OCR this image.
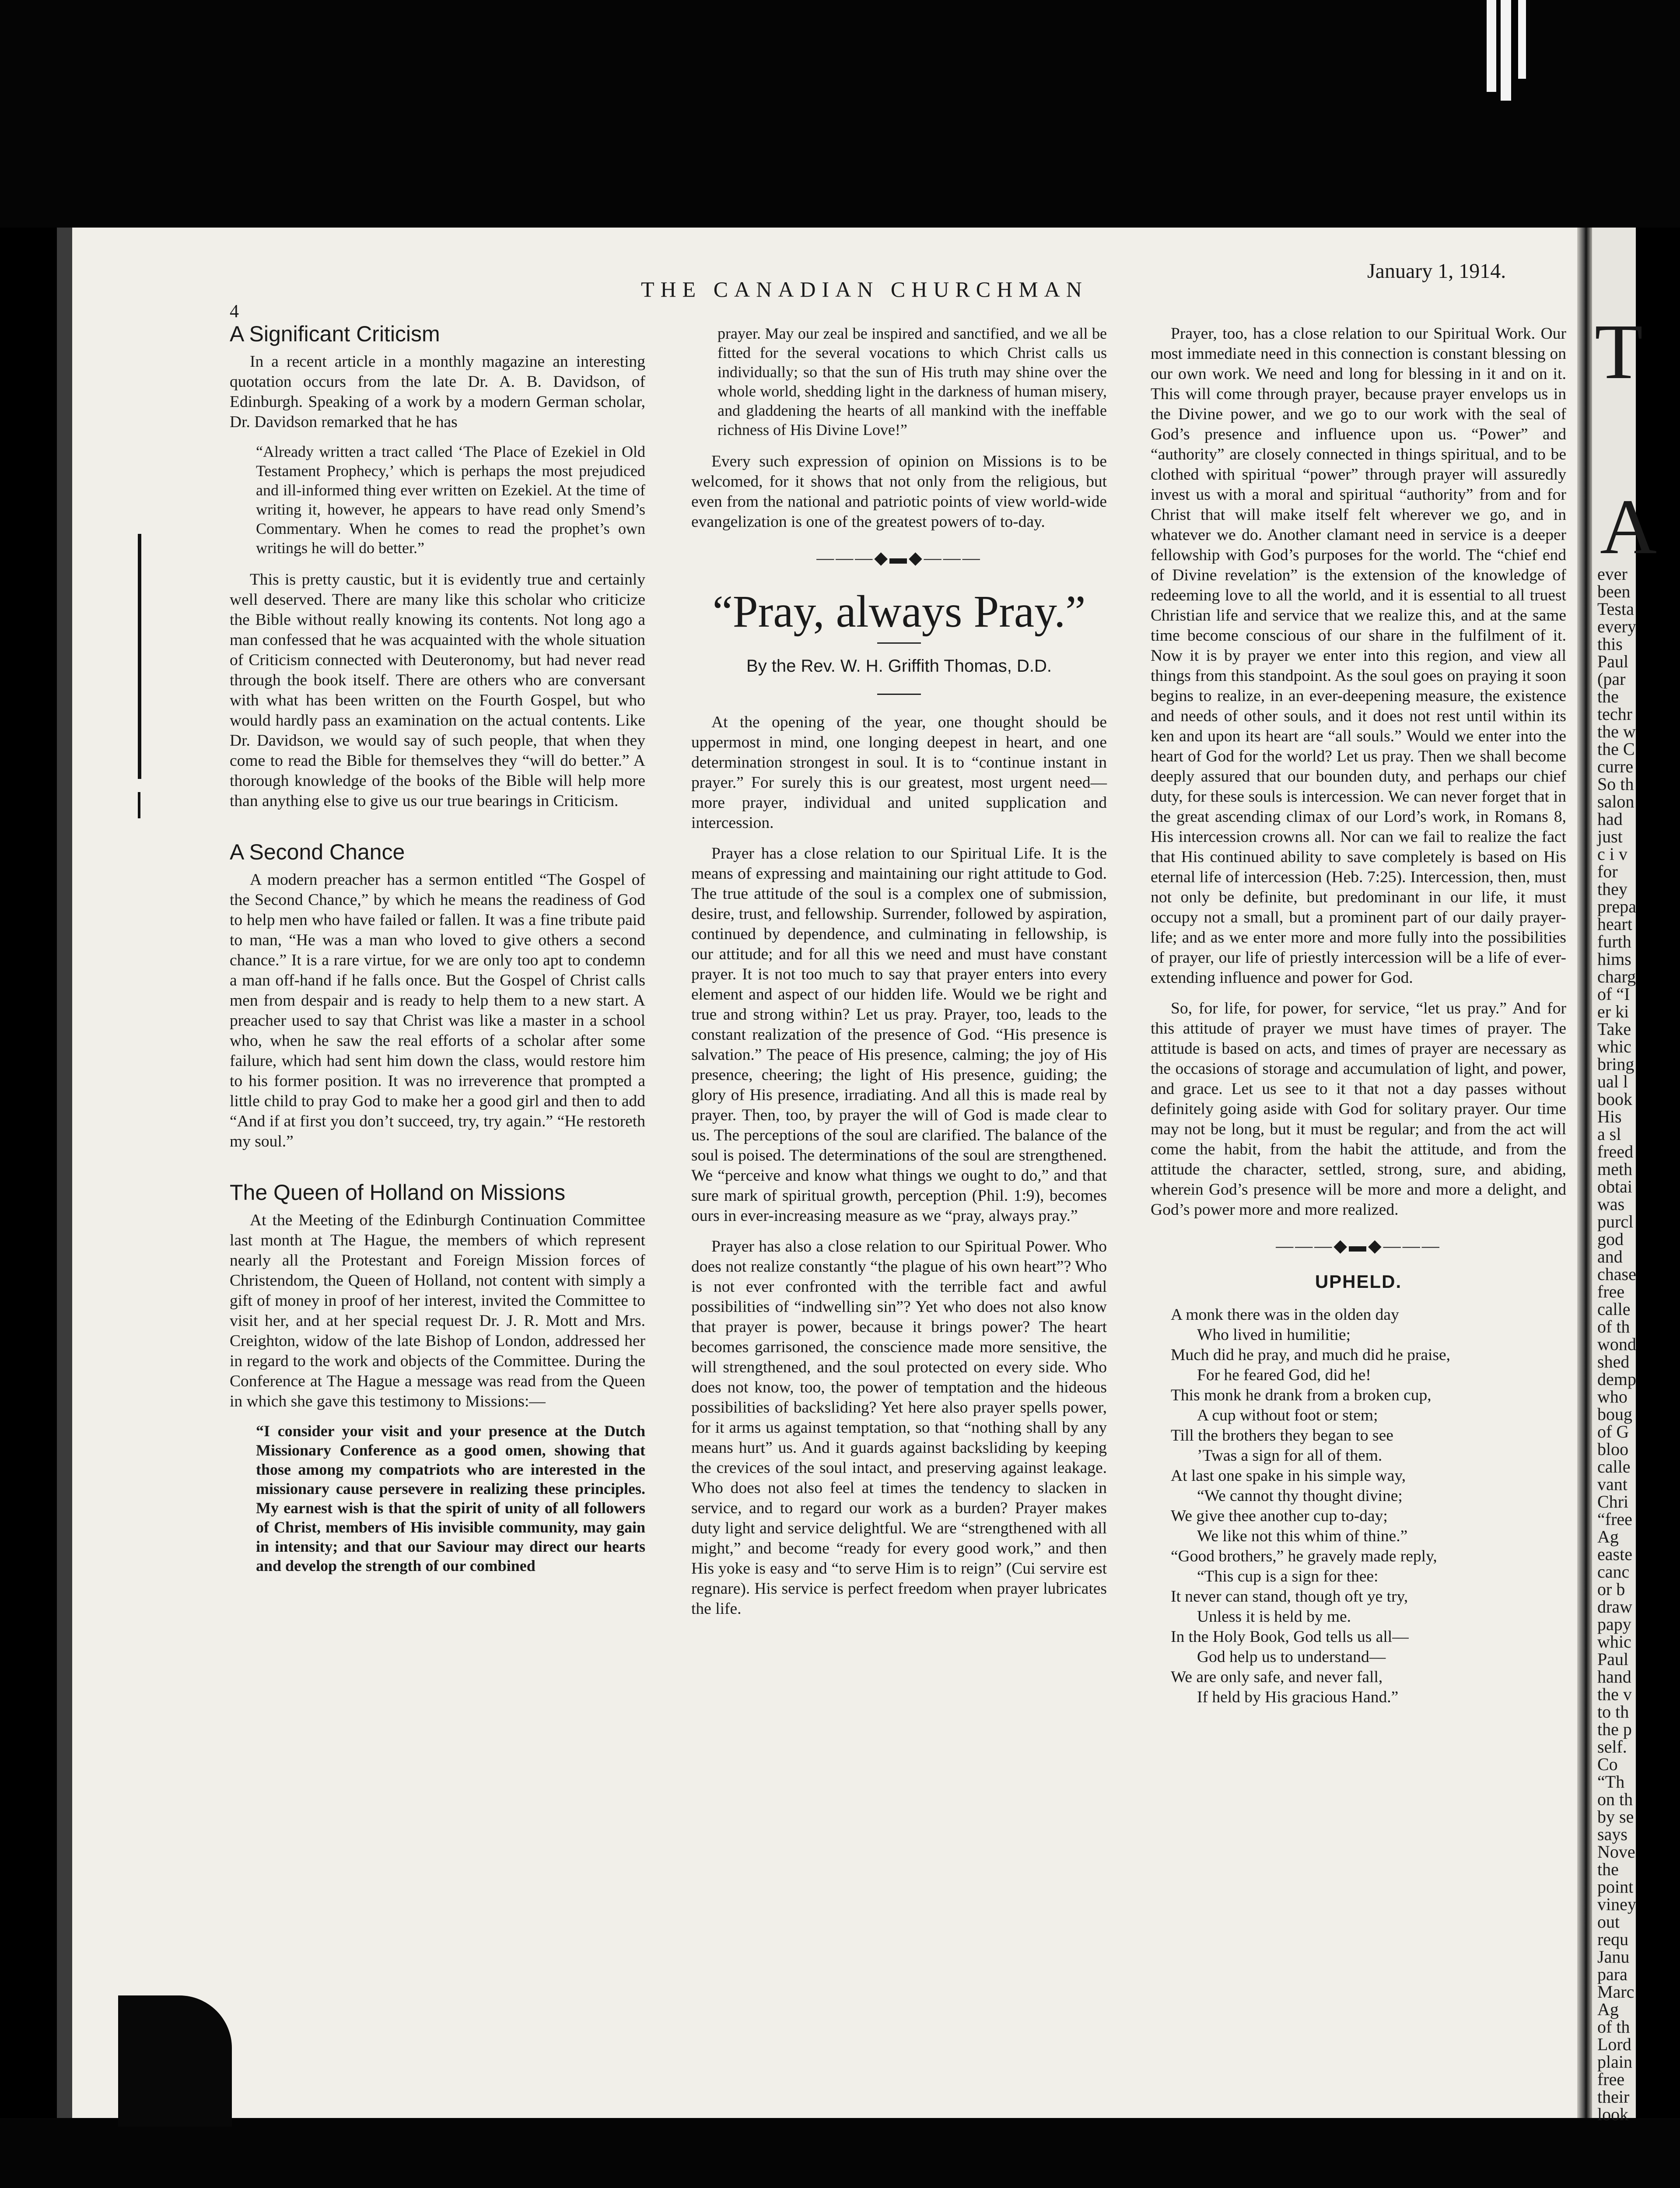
4
THE CANADIAN CHURCHMAN
January 1, 1914.
A Significant Criticism

In a recent article in a monthly magazine an interesting quotation occurs from the late Dr. A. B. Davidson, of Edinburgh. Speaking of a work by a modern German scholar, Dr. Davidson remarked that he has

“Already written a tract called ‘The Place of Ezekiel in Old Testament Prophecy,’ which is perhaps the most prejudiced and ill-informed thing ever written on Ezekiel. At the time of writing it, however, he appears to have read only Smend’s Commentary. When he comes to read the prophet’s own writings he will do better.”

This is pretty caustic, but it is evidently true and certainly well deserved. There are many like this scholar who criticize the Bible without really knowing its contents. Not long ago a man confessed that he was acquainted with the whole situation of Criticism connected with Deuteronomy, but had never read through the book itself. There are others who are conversant with what has been written on the Fourth Gospel, but who would hardly pass an examination on the actual contents. Like Dr. Davidson, we would say of such people, that when they come to read the Bible for themselves they “will do better.” A thorough knowledge of the books of the Bible will help more than anything else to give us our true bearings in Criticism.

A Second Chance

A modern preacher has a sermon entitled “The Gospel of the Second Chance,” by which he means the readiness of God to help men who have failed or fallen. It was a fine tribute paid to man, “He was a man who loved to give others a second chance.” It is a rare virtue, for we are only too apt to condemn a man off-hand if he falls once. But the Gospel of Christ calls men from despair and is ready to help them to a new start. A preacher used to say that Christ was like a master in a school who, when he saw the real efforts of a scholar after some failure, which had sent him down the class, would restore him to his former position. It was no irreverence that prompted a little child to pray God to make her a good girl and then to add “And if at first you don’t succeed, try, try again.” “He restoreth my soul.”

The Queen of Holland on Missions

At the Meeting of the Edinburgh Continuation Committee last month at The Hague, the members of which represent nearly all the Protestant and Foreign Mission forces of Christendom, the Queen of Holland, not content with simply a gift of money in proof of her interest, invited the Committee to visit her, and at her special request Dr. J. R. Mott and Mrs. Creighton, widow of the late Bishop of London, addressed her in regard to the work and objects of the Committee. During the Conference at The Hague a message was read from the Queen in which she gave this testimony to Missions:—

“I consider your visit and your presence at the Dutch Missionary Conference as a good omen, showing that those among my compatriots who are interested in the missionary cause persevere in realizing these principles. My earnest wish is that the spirit of unity of all followers of Christ, members of His invisible community, may gain in intensity; and that our Saviour may direct our hearts and develop the strength of our combined

prayer. May our zeal be inspired and sanctified, and we all be fitted for the several vocations to which Christ calls us individually; so that the sun of His truth may shine over the whole world, shedding light in the darkness of human misery, and gladdening the hearts of all mankind with the ineffable richness of His Divine Love!”

Every such expression of opinion on Missions is to be welcomed, for it shows that not only from the religious, but even from the national and patriotic points of view world-wide evangelization is one of the greatest powers of to-day.

———◆▬◆———
“Pray, always Pray.”
By the Rev. W. H. Griffith Thomas, D.D.

At the opening of the year, one thought should be uppermost in mind, one longing deepest in heart, and one determination strongest in soul. It is to “continue instant in prayer.” For surely this is our greatest, most urgent need—more prayer, individual and united supplication and intercession.

Prayer has a close relation to our Spiritual Life. It is the means of expressing and maintaining our right attitude to God. The true attitude of the soul is a complex one of submission, desire, trust, and fellowship. Surrender, followed by aspiration, continued by dependence, and culminating in fellowship, is our attitude; and for all this we need and must have constant prayer. It is not too much to say that prayer enters into every element and aspect of our hidden life. Would we be right and true and strong within? Let us pray. Prayer, too, leads to the constant realization of the presence of God. “His presence is salvation.” The peace of His presence, calming; the joy of His presence, cheering; the light of His presence, guiding; the glory of His presence, irradiating. And all this is made real by prayer. Then, too, by prayer the will of God is made clear to us. The perceptions of the soul are clarified. The balance of the soul is poised. The determinations of the soul are strengthened. We “perceive and know what things we ought to do,” and that sure mark of spiritual growth, perception (Phil. 1:9), becomes ours in ever-increasing measure as we “pray, always pray.”

Prayer has also a close relation to our Spiritual Power. Who does not realize constantly “the plague of his own heart”? Who is not ever confronted with the terrible fact and awful possibilities of “indwelling sin”? Yet who does not also know that prayer is power, because it brings power? The heart becomes garrisoned, the conscience made more sensitive, the will strengthened, and the soul protected on every side. Who does not know, too, the power of temptation and the hideous possibilities of backsliding? Yet here also prayer spells power, for it arms us against temptation, so that “nothing shall by any means hurt” us. And it guards against backsliding by keeping the crevices of the soul intact, and preserving against leakage. Who does not also feel at times the tendency to slacken in service, and to regard our work as a burden? Prayer makes duty light and service delightful. We are “strengthened with all might,” and become “ready for every good work,” and then His yoke is easy and “to serve Him is to reign” (Cui servire est regnare). His service is perfect freedom when prayer lubricates the life.

Prayer, too, has a close relation to our Spiritual Work. Our most immediate need in this connection is constant blessing on our own work. We need and long for blessing in it and on it. This will come through prayer, because prayer envelops us in the Divine power, and we go to our work with the seal of God’s presence and influence upon us. “Power” and “authority” are closely connected in things spiritual, and to be clothed with spiritual “power” through prayer will assuredly invest us with a moral and spiritual “authority” from and for Christ that will make itself felt wherever we go, and in whatever we do. Another clamant need in service is a deeper fellowship with God’s purposes for the world. The “chief end of Divine revelation” is the extension of the knowledge of redeeming love to all the world, and it is essential to all truest Christian life and service that we realize this, and at the same time become conscious of our share in the fulfilment of it. Now it is by prayer we enter into this region, and view all things from this standpoint. As the soul goes on praying it soon begins to realize, in an ever-deepening measure, the existence and needs of other souls, and it does not rest until within its ken and upon its heart are “all souls.” Would we enter into the heart of God for the world? Let us pray. Then we shall become deeply assured that our bounden duty, and perhaps our chief duty, for these souls is intercession. We can never forget that in the great ascending climax of our Lord’s work, in Romans 8, His intercession crowns all. Nor can we fail to realize the fact that His continued ability to save completely is based on His eternal life of intercession (Heb. 7:25). Intercession, then, must not only be definite, but predominant in our life, it must occupy not a small, but a prominent part of our daily prayer-life; and as we enter more and more fully into the possibilities of prayer, our life of priestly intercession will be a life of ever-extending influence and power for God.

So, for life, for power, for service, “let us pray.” And for this attitude of prayer we must have times of prayer. The attitude is based on acts, and times of prayer are necessary as the occasions of storage and accumulation of light, and power, and grace. Let us see to it that not a day passes without definitely going aside with God for solitary prayer. Our time may not be long, but it must be regular; and from the act will come the habit, from the habit the attitude, and from the attitude the character, settled, strong, sure, and abiding, wherein God’s presence will be more and more a delight, and God’s power more and more realized.

———◆▬◆———
UPHELD.

A monk there was in the olden day

Who lived in humilitie;

Much did he pray, and much did he praise,

For he feared God, did he!

This monk he drank from a broken cup,

A cup without foot or stem;

Till the brothers they began to see

’Twas a sign for all of them.

At last one spake in his simple way,

“We cannot thy thought divine;

We give thee another cup to-day;

We like not this whim of thine.”

“Good brothers,” he gravely made reply,

“This cup is a sign for thee:

It never can stand, though oft ye try,

Unless it is held by me.

In the Holy Book, God tells us all—

God help us to understand—

We are only safe, and never fall,

If held by His gracious Hand.”

T
A
ever
been
Testa
every
this
Paul
(par
the
techr
the w
the C
curre
So th
salon
had
just
c i v
for
they
prepa
heart
furth
hims
charg
of “I
er ki
Take
whic
bring
ual l
book
His
a sl
freed
meth
obtai
was
purcl
god
and
chase
free
calle
of th
wond
shed
demp
who
boug
of G
bloo
calle
vant
Chri
“free
Ag
easte
canc
or b
draw
papy
whic
Paul
hand
the v
to th
the p
self.
Co
“Th
on th
by se
says
Nove
the
point
viney
out
requ
Janu
para
Marc
Ag
of th
Lord
plain
free
their
look
